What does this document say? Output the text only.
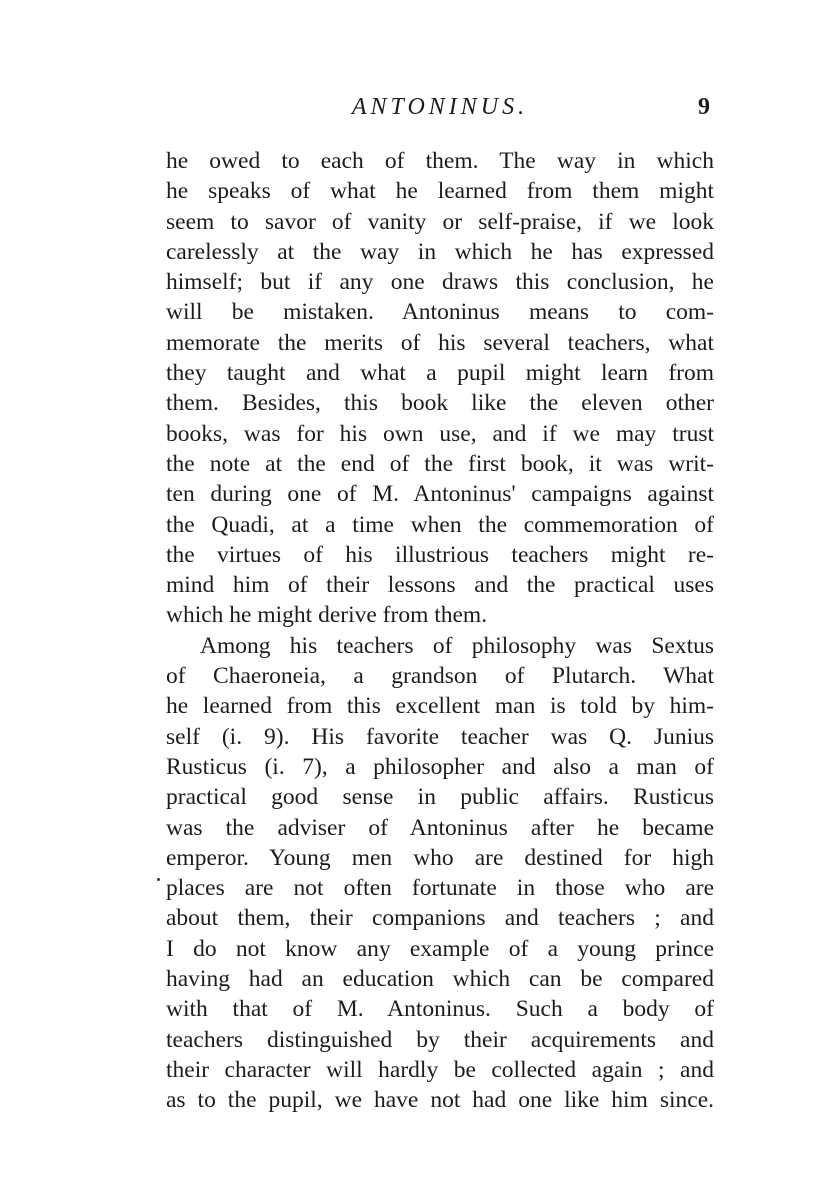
ANTONINUS.	9
he owed to each of them. The way in which
he speaks of what he learned from them might
seem to savor of vanity or self-praise, if we look
carelessly at the way in which he has expressed
himself; but if any one draws this conclusion, he
will be mistaken. Antoninus means to com-
memorate the merits of his several teachers, what
they taught and what a pupil might learn from
them. Besides, this book like the eleven other
books, was for his own use, and if we may trust
the note at the end of the first book, it was writ-
ten during one of M. Antoninus' campaigns against
the Quadi, at a time when the commemoration of
the virtues of his illustrious teachers might re-
mind him of their lessons and the practical uses
which he might derive from them.
Among his teachers of philosophy was Sextus
of Chaeroneia, a grandson of Plutarch. What
he learned from this excellent man is told by him-
self (i. 9). His favorite teacher was Q. Junius
Rusticus (i. 7), a philosopher and also a man of
practical good sense in public affairs. Rusticus
was the adviser of Antoninus after he became
emperor. Young men who are destined for high
places are not often fortunate in those who are
about them, their companions and teachers ; and
I do not know any example of a young prince
having had an education which can be compared
with that of M. Antoninus. Such a body of
teachers distinguished by their acquirements and
their character will hardly be collected again ; and
as to the pupil, we have not had one like him since.
